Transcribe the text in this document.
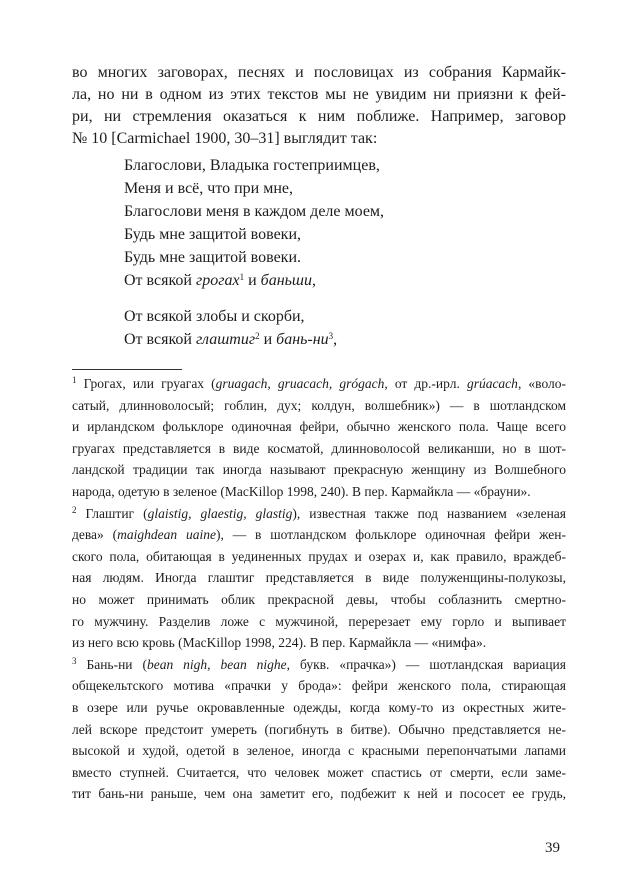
во многих заговорах, песнях и пословицах из собрания Кармайк-
ла, но ни в одном из этих текстов мы не увидим ни приязни к фей-
ри, ни стремления оказаться к ним поближе. Например, заговор
№ 10 [Carmichael 1900, 30–31] выглядит так:

Благослови, Владыка гостеприимцев,
Меня и всё, что при мне,
Благослови меня в каждом деле моем,
Будь мне защитой вовеки,
Будь мне защитой вовеки.
От всякой грогах$^1$ и баньши,
От всякой злобы и скорби,
От всякой глаштиг$^2$ и бань-$ни^3$,

$^1$ Грогах, или груагах (gruagach, gruacach, grógach, от др.-ирл. grúacach, «воло-
сатый, длинноволосый; гоблин, дух; колдун, волшебник») — в шотландском
и ирландском фольклоре одиночная фейри, обычно женского пола. Чаще всего
груагах представляется в виде косматой, длинноволосой великанши, но в шот-
ландской традиции так иногда называют прекрасную женщину из Волшебного
народа, одетую в зеленое (MacKillop 1998, 240). В пер. Кармайкла — «брауни».

$^2$ Глаштиг (glaistig, glaestig, glastig), известная также под названием «зеленая
дева» (maighdean uaine), — в шотландском фольклоре одиночная фейри жен-
ского пола, обитающая в уединенных прудах и озерах и, как правило, враждеб-
ная людям. Иногда глаштиг представляется в виде полуженщины-полукозы,
но может принимать облик прекрасной девы, чтобы соблазнить смертно-
го мужчину. Разделив ложе с мужчиной, перерезает ему горло и выпивает
из него всю кровь (MacKillop 1998, 224). В пер. Кармайкла — «нимфа».

$^3$ Бань-ни (bean nigh, bean nighe, букв. «прачка») — шотландская вариация
общекельтского мотива «прачки у брода»: фейри женского пола, стирающая
в озере или ручье окровавленные одежды, когда кому-то из окрестных жите-
лей вскоре предстоит умереть (погибнуть в битве). Обычно представляется не-
высокой и худой, одетой в зеленое, иногда с красными перепончатыми лапами
вместо ступней. Считается, что человек может спастись от смерти, если заме-
тит бань-ни раньше, чем она заметит его, подбежит к ней и пососет ее грудь,

39
